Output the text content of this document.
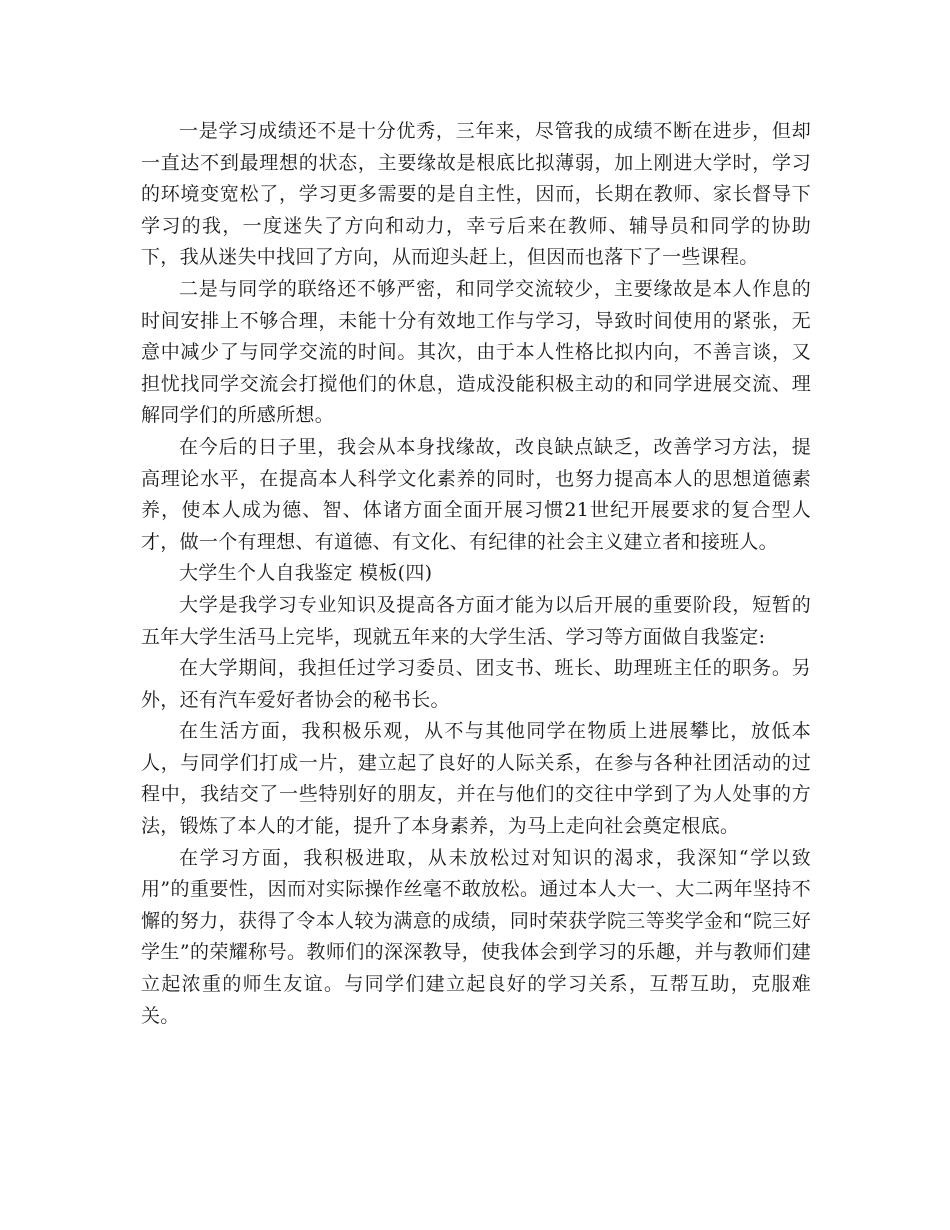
一是学习成绩还不是十分优秀，三年来，尽管我的成绩不断在进步，但却一直达不到最理想的状态，主要缘故是根底比拟薄弱，加上刚进大学时，学习的环境变宽松了，学习更多需要的是自主性，因而，长期在教师、家长督导下学习的我，一度迷失了方向和动力，幸亏后来在教师、辅导员和同学的协助下，我从迷失中找回了方向，从而迎头赶上，但因而也落下了一些课程。

二是与同学的联络还不够严密，和同学交流较少，主要缘故是本人作息的时间安排上不够合理，未能十分有效地工作与学习，导致时间使用的紧张，无意中减少了与同学交流的时间。其次，由于本人性格比拟内向，不善言谈，又担忧找同学交流会打搅他们的休息，造成没能积极主动的和同学进展交流、理解同学们的所感所想。

在今后的日子里，我会从本身找缘故，改良缺点缺乏，改善学习方法，提高理论水平，在提高本人科学文化素养的同时，也努力提高本人的思想道德素养，使本人成为德、智、体诸方面全面开展习惯21世纪开展要求的复合型人才，做一个有理想、有道德、有文化、有纪律的社会主义建立者和接班人。

大学生个人自我鉴定 模板(四)

大学是我学习专业知识及提高各方面才能为以后开展的重要阶段，短暂的五年大学生活马上完毕，现就五年来的大学生活、学习等方面做自我鉴定:

在大学期间，我担任过学习委员、团支书、班长、助理班主任的职务。另外，还有汽车爱好者协会的秘书长。

在生活方面，我积极乐观，从不与其他同学在物质上进展攀比，放低本人，与同学们打成一片，建立起了良好的人际关系，在参与各种社团活动的过程中，我结交了一些特别好的朋友，并在与他们的交往中学到了为人处事的方法，锻炼了本人的才能，提升了本身素养，为马上走向社会奠定根底。

在学习方面，我积极进取，从未放松过对知识的渴求，我深知“学以致用”的重要性，因而对实际操作丝毫不敢放松。通过本人大一、大二两年坚持不懈的努力，获得了令本人较为满意的成绩，同时荣获学院三等奖学金和“院三好学生”的荣耀称号。教师们的深深教导，使我体会到学习的乐趣，并与教师们建立起浓重的师生友谊。与同学们建立起良好的学习关系，互帮互助，克服难关。
